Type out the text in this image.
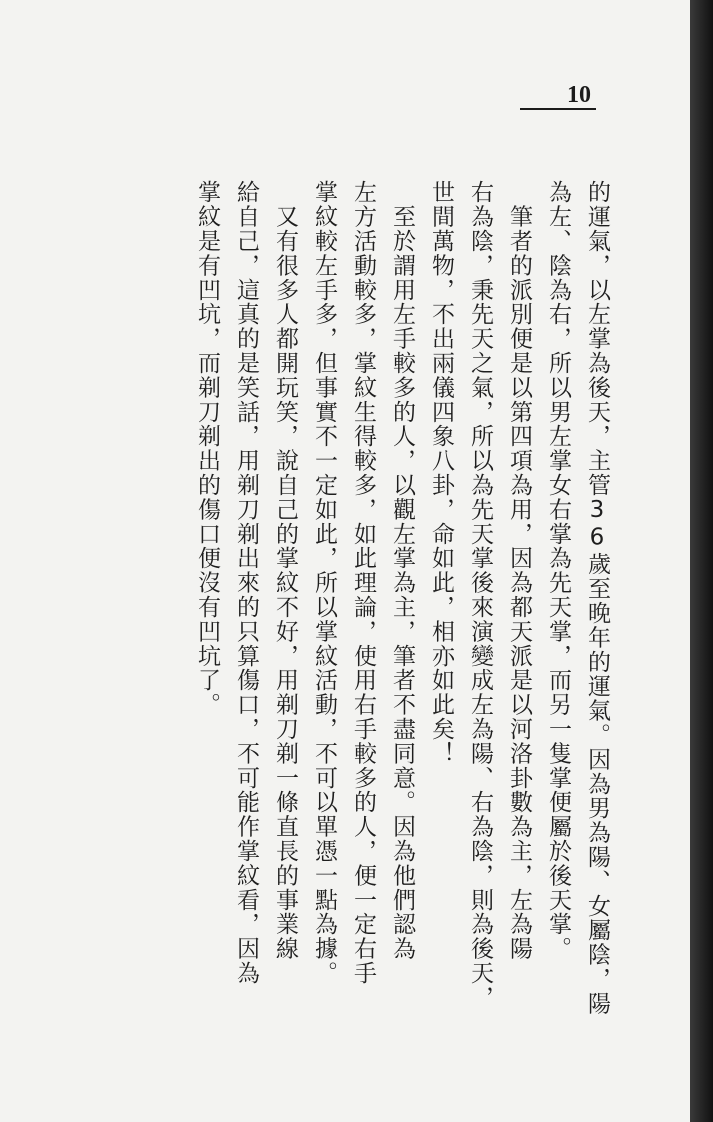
10
的運氣，以左掌為後天，主管36歲至晚年的運氣。因為男為陽、女屬陰，陽
為左、陰為右，所以男左掌女右掌為先天掌，而另一隻掌便屬於後天掌。
　筆者的派別便是以第四項為用，因為都天派是以河洛卦數為主，左為陽
右為陰，秉先天之氣，所以為先天掌後來演變成左為陽、右為陰，則為後天，
世間萬物，不出兩儀四象八卦，命如此，相亦如此矣！
　至於謂用左手較多的人，以觀左掌為主，筆者不盡同意。因為他們認為
左方活動較多，掌紋生得較多，如此理論，使用右手較多的人，便一定右手
掌紋較左手多，但事實不一定如此，所以掌紋活動，不可以單憑一點為據。
　又有很多人都開玩笑，說自己的掌紋不好，用剃刀剃一條直長的事業線
給自己，這真的是笑話，用剃刀剃出來的只算傷口，不可能作掌紋看，因為
掌紋是有凹坑，而剃刀剃出的傷口便沒有凹坑了。
